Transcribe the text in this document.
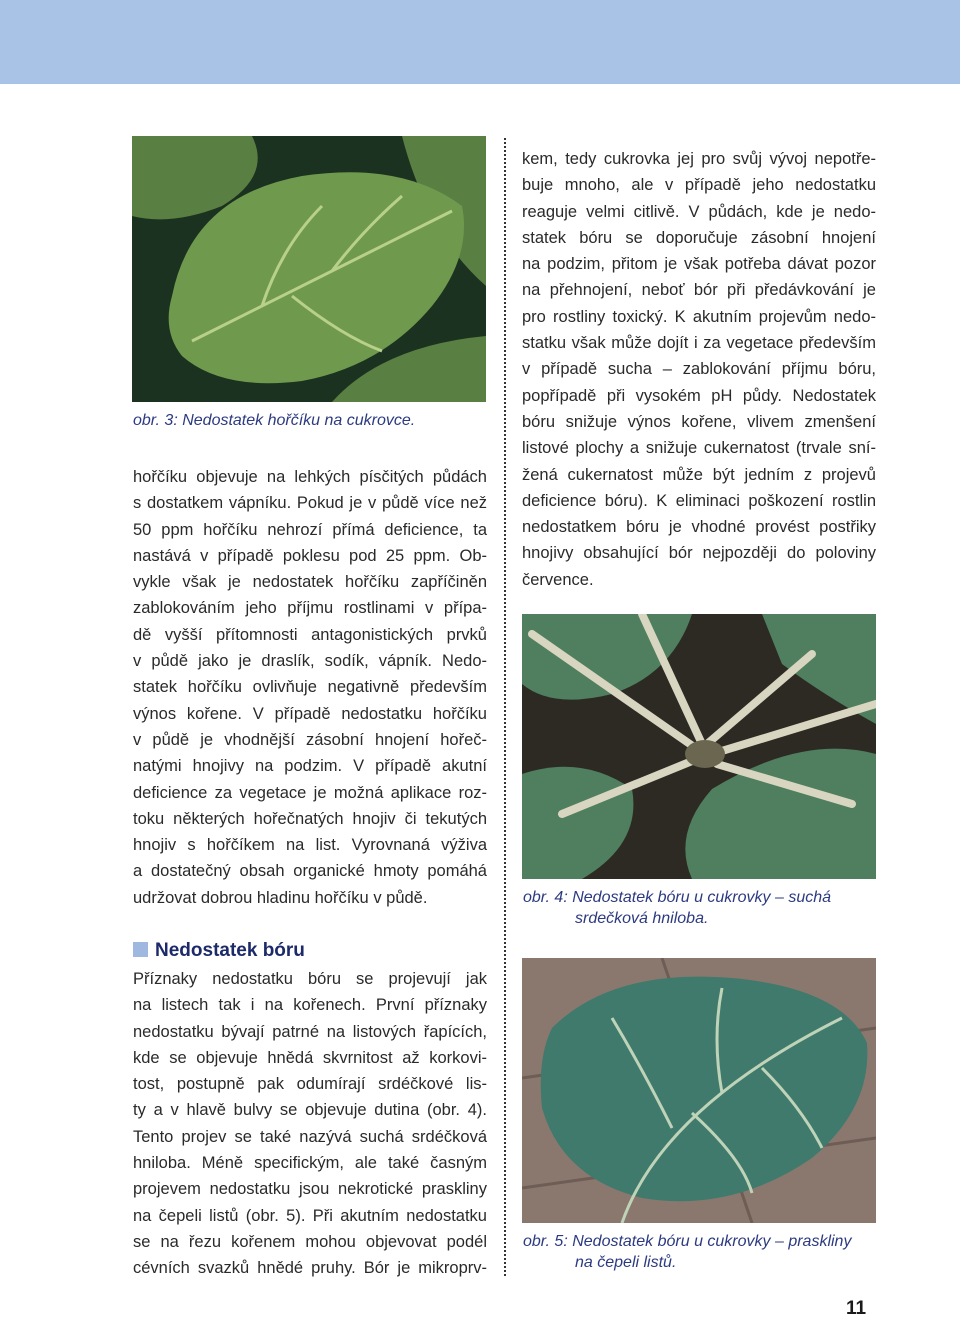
obr. 3: Nedostatek hořčíku na cukrovce.

hořčíku objevuje na lehkých písčitých půdách
s dostatkem vápníku. Pokud je v půdě více než
50 ppm hořčíku nehrozí přímá deficience, ta
nastává v případě poklesu pod 25 ppm. Ob-
vykle však je nedostatek hořčíku zapříčiněn
zablokováním jeho příjmu rostlinami v přípa-
dě vyšší přítomnosti antagonistických prvků
v půdě jako je draslík, sodík, vápník. Nedo-
statek hořčíku ovlivňuje negativně především
výnos kořene. V případě nedostatku hořčíku
v půdě je vhodnější zásobní hnojení hořeč-
natými hnojivy na podzim. V případě akutní
deficience za vegetace je možná aplikace roz-
toku některých hořečnatých hnojiv či tekutých
hnojiv s hořčíkem na list. Vyrovnaná výživa
a dostatečný obsah organické hmoty pomáhá
udržovat dobrou hladinu hořčíku v půdě.

Nedostatek bóru

Příznaky nedostatku bóru se projevují jak
na listech tak i na kořenech. První příznaky
nedostatku bývají patrné na listových řapících,
kde se objevuje hnědá skvrnitost až korkovi-
tost, postupně pak odumírají srdéčkové lis-
ty a v hlavě bulvy se objevuje dutina (obr. 4).
Tento projev se také nazývá suchá srdéčková
hniloba. Méně specifickým, ale také časným
projevem nedostatku jsou nekrotické praskliny
na čepeli listů (obr. 5). Při akutním nedostatku
se na řezu kořenem mohou objevovat podél
cévních svazků hnědé pruhy. Bór je mikroprv-

kem, tedy cukrovka jej pro svůj vývoj nepotře-
buje mnoho, ale v případě jeho nedostatku
reaguje velmi citlivě. V půdách, kde je nedo-
statek bóru se doporučuje zásobní hnojení
na podzim, přitom je však potřeba dávat pozor
na přehnojení, neboť bór při předávkování je
pro rostliny toxický. K akutním projevům nedo-
statku však může dojít i za vegetace především
v případě sucha – zablokování příjmu bóru,
popřípadě při vysokém pH půdy. Nedostatek
bóru snižuje výnos kořene, vlivem zmenšení
listové plochy a snižuje cukernatost (trvale sní-
žená cukernatost může být jedním z projevů
deficience bóru). K eliminaci poškození rostlin
nedostatkem bóru je vhodné provést postřiky
hnojivy obsahující bór nejpozději do poloviny
července.

obr. 4: Nedostatek bóru u cukrovky – suchá
srdečková hniloba.

obr. 5: Nedostatek bóru u cukrovky – praskliny
na čepeli listů.

11
